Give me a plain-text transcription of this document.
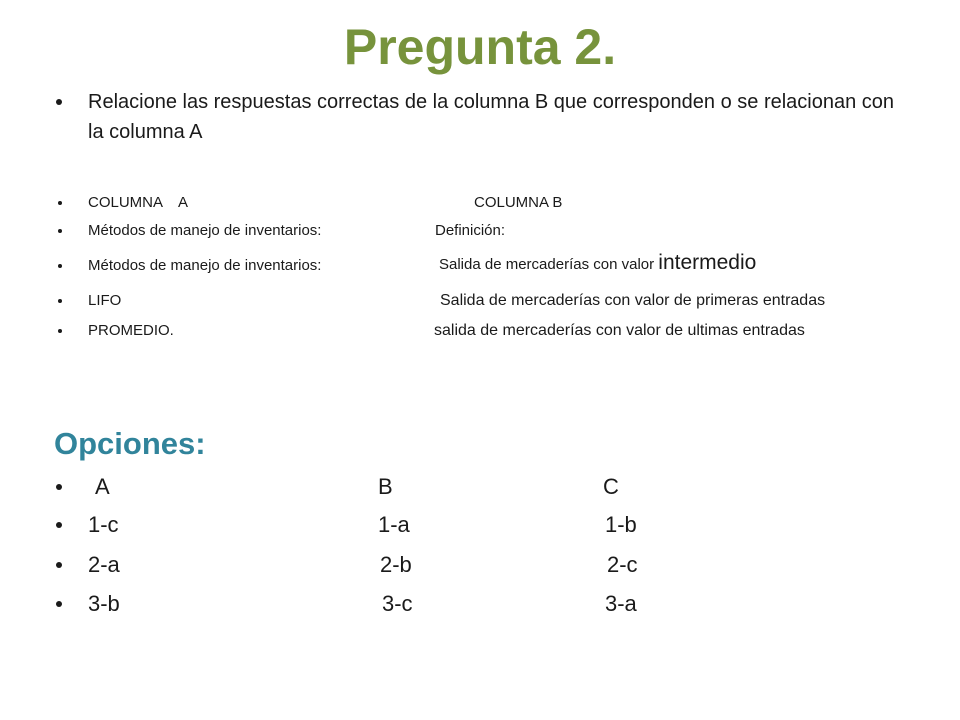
Pregunta 2.
Relacione las respuestas correctas de la columna B que corresponden o se relacionan con la columna A
COLUMNA    A	COLUMNA B
Métodos de manejo de inventarios:	Definición:
Métodos de manejo de inventarios:	Salida de mercaderías con valor intermedio
LIFO	Salida de mercaderías con valor de primeras entradas
PROMEDIO.	salida de mercaderías con valor de ultimas entradas
Opciones:
A	B	C
1-c	1-a	1-b
2-a	2-b	2-c
3-b	3-c	3-a
